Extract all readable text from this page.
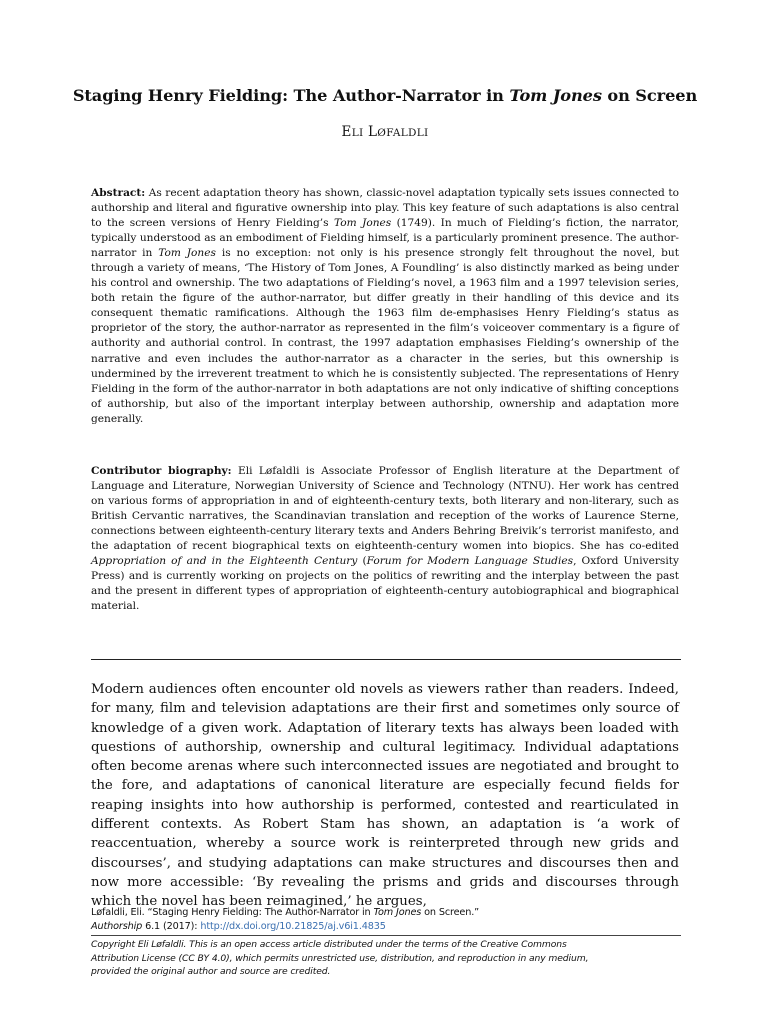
Staging Henry Fielding: The Author-Narrator in Tom Jones on Screen
ELI LØFALDLI
Abstract: As recent adaptation theory has shown, classic-novel adaptation typically sets issues connected to authorship and literal and figurative ownership into play. This key feature of such adaptations is also central to the screen versions of Henry Fielding’s Tom Jones (1749). In much of Fielding’s fiction, the narrator, typically understood as an embodiment of Fielding himself, is a particularly prominent presence. The author-narrator in Tom Jones is no exception: not only is his presence strongly felt throughout the novel, but through a variety of means, ‘The History of Tom Jones, A Foundling’ is also distinctly marked as being under his control and ownership. The two adaptations of Fielding’s novel, a 1963 film and a 1997 television series, both retain the figure of the author-narrator, but differ greatly in their handling of this device and its consequent thematic ramifications. Although the 1963 film de-emphasises Henry Fielding’s status as proprietor of the story, the author-narrator as represented in the film’s voiceover commentary is a figure of authority and authorial control. In contrast, the 1997 adaptation emphasises Fielding’s ownership of the narrative and even includes the author-narrator as a character in the series, but this ownership is undermined by the irreverent treatment to which he is consistently subjected. The representations of Henry Fielding in the form of the author-narrator in both adaptations are not only indicative of shifting conceptions of authorship, but also of the important interplay between authorship, ownership and adaptation more generally.
Contributor biography: Eli Løfaldli is Associate Professor of English literature at the Department of Language and Literature, Norwegian University of Science and Technology (NTNU). Her work has centred on various forms of appropriation in and of eighteenth-century texts, both literary and non-literary, such as British Cervantic narratives, the Scandinavian translation and reception of the works of Laurence Sterne, connections between eighteenth-century literary texts and Anders Behring Breivik’s terrorist manifesto, and the adaptation of recent biographical texts on eighteenth-century women into biopics. She has co-edited Appropriation of and in the Eighteenth Century (Forum for Modern Language Studies, Oxford University Press) and is currently working on projects on the politics of rewriting and the interplay between the past and the present in different types of appropriation of eighteenth-century autobiographical and biographical material.
Modern audiences often encounter old novels as viewers rather than readers. Indeed, for many, film and television adaptations are their first and sometimes only source of knowledge of a given work. Adaptation of literary texts has always been loaded with questions of authorship, ownership and cultural legitimacy. Individual adaptations often become arenas where such interconnected issues are negotiated and brought to the fore, and adaptations of canonical literature are especially fecund fields for reaping insights into how authorship is performed, contested and rearticulated in different contexts. As Robert Stam has shown, an adaptation is ‘a work of reaccentuation, whereby a source work is reinterpreted through new grids and discourses’, and studying adaptations can make structures and discourses then and now more accessible: ‘By revealing the prisms and grids and discourses through which the novel has been reimagined,’ he argues,
Løfaldli, Eli. “Staging Henry Fielding: The Author-Narrator in Tom Jones on Screen.”
Authorship 6.1 (2017): http://dx.doi.org/10.21825/aj.v6i1.4835
Copyright Eli Løfaldli. This is an open access article distributed under the terms of the Creative Commons
Attribution License (CC BY 4.0), which permits unrestricted use, distribution, and reproduction in any medium,
provided the original author and source are credited.
